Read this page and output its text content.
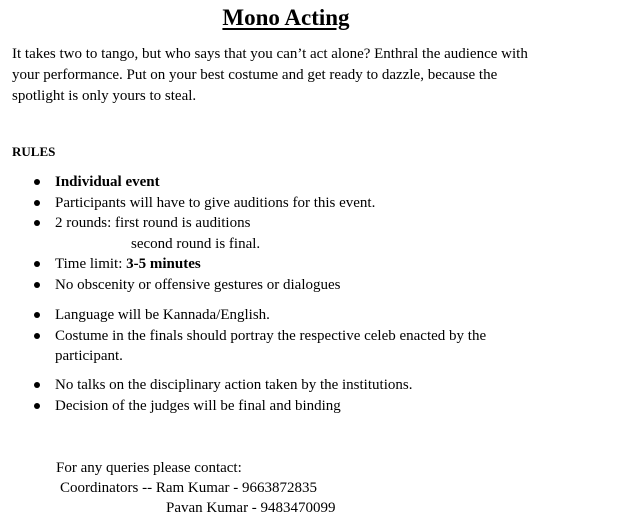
Mono Acting

It takes two to tango, but who says that you can’t act alone? Enthral the audience with your performance. Put on your best costume and get ready to dazzle, because the spotlight is only yours to steal.

RULES
Individual event
Participants will have to give auditions for this event.
2 rounds: first round is auditions
second round is final.
Time limit: 3-5 minutes
No obscenity or offensive gestures or dialogues
Language will be Kannada/English.
Costume in the finals should portray the respective celeb enacted by the participant.
No talks on the disciplinary action taken by the institutions.
Decision of the judges will be final and binding
For any queries please contact:
Coordinators -- Ram Kumar - 9663872835
Pavan Kumar - 9483470099
